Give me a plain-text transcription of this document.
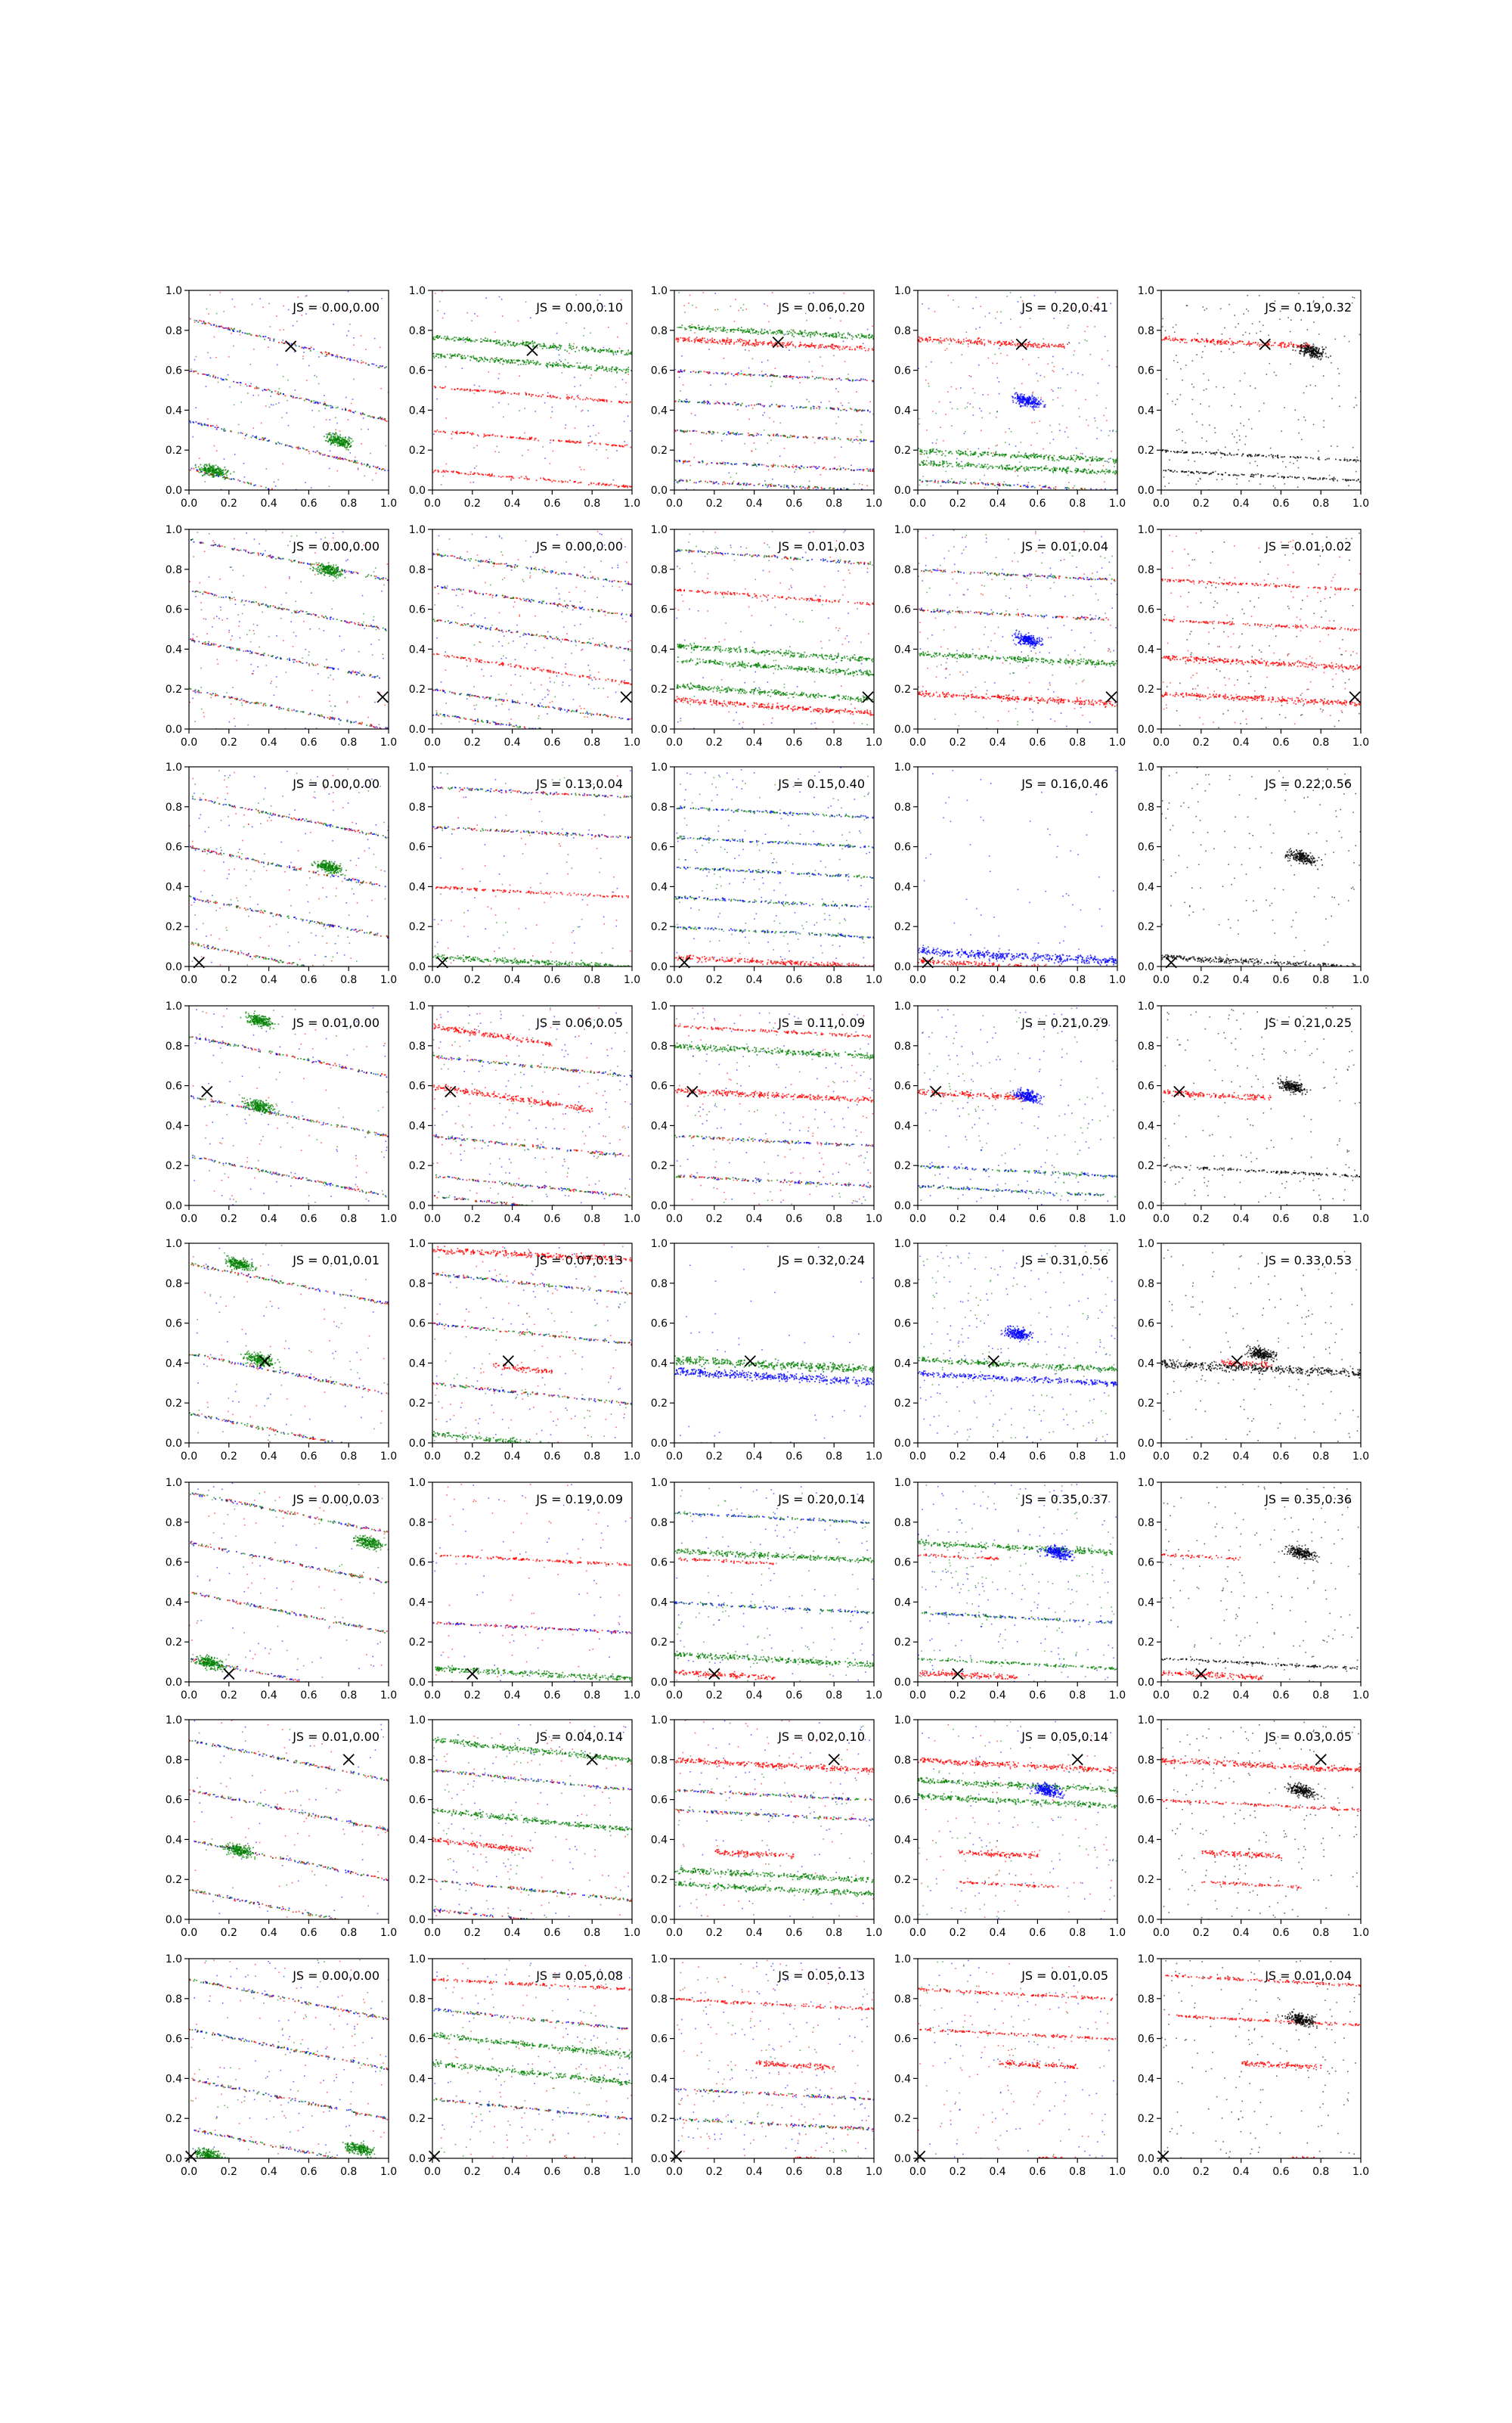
0.0 0.2 0.4 0.6 0.8 1.0
0.0
0.2
0.4
0.6
0.8
1.0
JS = 0.00,0.00
0.0 0.2 0.4 0.6 0.8 1.0
0.0
0.2
0.4
0.6
0.8
1.0
JS = 0.00,0.10
0.0 0.2 0.4 0.6 0.8 1.0
0.0
0.2
0.4
0.6
0.8
1.0
JS = 0.06,0.20
0.0 0.2 0.4 0.6 0.8 1.0
0.0
0.2
0.4
0.6
0.8
1.0
JS = 0.20,0.41
0.0 0.2 0.4 0.6 0.8 1.0
0.0
0.2
0.4
0.6
0.8
1.0
JS = 0.19,0.32
0.0 0.2 0.4 0.6 0.8 1.0
0.0
0.2
0.4
0.6
0.8
1.0
JS = 0.00,0.00
0.0 0.2 0.4 0.6 0.8 1.0
0.0
0.2
0.4
0.6
0.8
1.0
JS = 0.00,0.00
0.0 0.2 0.4 0.6 0.8 1.0
0.0
0.2
0.4
0.6
0.8
1.0
JS = 0.01,0.03
0.0 0.2 0.4 0.6 0.8 1.0
0.0
0.2
0.4
0.6
0.8
1.0
JS = 0.01,0.04
0.0 0.2 0.4 0.6 0.8 1.0
0.0
0.2
0.4
0.6
0.8
1.0
JS = 0.01,0.02
0.0 0.2 0.4 0.6 0.8 1.0
0.0
0.2
0.4
0.6
0.8
1.0
JS = 0.00,0.00
0.0 0.2 0.4 0.6 0.8 1.0
0.0
0.2
0.4
0.6
0.8
1.0
JS = 0.13,0.04
0.0 0.2 0.4 0.6 0.8 1.0
0.0
0.2
0.4
0.6
0.8
1.0
JS = 0.15,0.40
0.0 0.2 0.4 0.6 0.8 1.0
0.0
0.2
0.4
0.6
0.8
1.0
JS = 0.16,0.46
0.0 0.2 0.4 0.6 0.8 1.0
0.0
0.2
0.4
0.6
0.8
1.0
JS = 0.22,0.56
0.0 0.2 0.4 0.6 0.8 1.0
0.0
0.2
0.4
0.6
0.8
1.0
JS = 0.01,0.00
0.0 0.2 0.4 0.6 0.8 1.0
0.0
0.2
0.4
0.6
0.8
1.0
JS = 0.06,0.05
0.0 0.2 0.4 0.6 0.8 1.0
0.0
0.2
0.4
0.6
0.8
1.0
JS = 0.11,0.09
0.0 0.2 0.4 0.6 0.8 1.0
0.0
0.2
0.4
0.6
0.8
1.0
JS = 0.21,0.29
0.0 0.2 0.4 0.6 0.8 1.0
0.0
0.2
0.4
0.6
0.8
1.0
JS = 0.21,0.25
0.0 0.2 0.4 0.6 0.8 1.0
0.0
0.2
0.4
0.6
0.8
1.0
JS = 0.01,0.01
0.0 0.2 0.4 0.6 0.8 1.0
0.0
0.2
0.4
0.6
0.8
1.0
JS = 0.07,0.13
0.0 0.2 0.4 0.6 0.8 1.0
0.0
0.2
0.4
0.6
0.8
1.0
JS = 0.32,0.24
0.0 0.2 0.4 0.6 0.8 1.0
0.0
0.2
0.4
0.6
0.8
1.0
JS = 0.31,0.56
0.0 0.2 0.4 0.6 0.8 1.0
0.0
0.2
0.4
0.6
0.8
1.0
JS = 0.33,0.53
0.0 0.2 0.4 0.6 0.8 1.0
0.0
0.2
0.4
0.6
0.8
1.0
JS = 0.00,0.03
0.0 0.2 0.4 0.6 0.8 1.0
0.0
0.2
0.4
0.6
0.8
1.0
JS = 0.19,0.09
0.0 0.2 0.4 0.6 0.8 1.0
0.0
0.2
0.4
0.6
0.8
1.0
JS = 0.20,0.14
0.0 0.2 0.4 0.6 0.8 1.0
0.0
0.2
0.4
0.6
0.8
1.0
JS = 0.35,0.37
0.0 0.2 0.4 0.6 0.8 1.0
0.0
0.2
0.4
0.6
0.8
1.0
JS = 0.35,0.36
0.0 0.2 0.4 0.6 0.8 1.0
0.0
0.2
0.4
0.6
0.8
1.0
JS = 0.01,0.00
0.0 0.2 0.4 0.6 0.8 1.0
0.0
0.2
0.4
0.6
0.8
1.0
JS = 0.04,0.14
0.0 0.2 0.4 0.6 0.8 1.0
0.0
0.2
0.4
0.6
0.8
1.0
JS = 0.02,0.10
0.0 0.2 0.4 0.6 0.8 1.0
0.0
0.2
0.4
0.6
0.8
1.0
JS = 0.05,0.14
0.0 0.2 0.4 0.6 0.8 1.0
0.0
0.2
0.4
0.6
0.8
1.0
JS = 0.03,0.05
0.0 0.2 0.4 0.6 0.8 1.0
0.0
0.2
0.4
0.6
0.8
1.0
JS = 0.00,0.00
0.0 0.2 0.4 0.6 0.8 1.0
0.0
0.2
0.4
0.6
0.8
1.0
JS = 0.05,0.08
0.0 0.2 0.4 0.6 0.8 1.0
0.0
0.2
0.4
0.6
0.8
1.0
JS = 0.05,0.13
0.0 0.2 0.4 0.6 0.8 1.0
0.0
0.2
0.4
0.6
0.8
1.0
JS = 0.01,0.05
0.0 0.2 0.4 0.6 0.8 1.0
0.0
0.2
0.4
0.6
0.8
1.0
JS = 0.01,0.04
